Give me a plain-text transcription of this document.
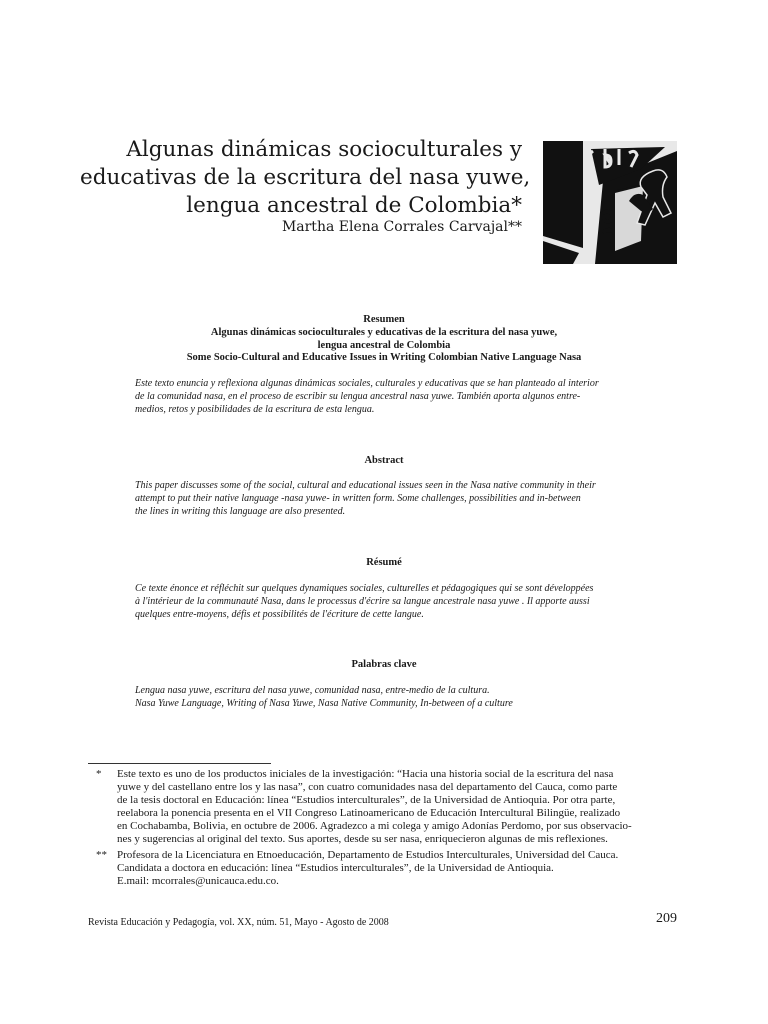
Algunas dinámicas socioculturales y
educativas de la escritura del nasa yuwe,
lengua ancestral de Colombia*
Martha Elena Corrales Carvajal**
Resumen
Algunas dinámicas socioculturales y educativas de la escritura del nasa yuwe,
lengua ancestral de Colombia
Some Socio-Cultural and Educative Issues in Writing Colombian Native Language Nasa
Este texto enuncia y reflexiona algunas dinámicas sociales, culturales y educativas que se han planteado al interior
de la comunidad nasa, en el proceso de escribir su lengua ancestral nasa yuwe. También aporta algunos entre-
medios, retos y posibilidades de la escritura de esta lengua.
Abstract
This paper discusses some of the social, cultural and educational issues seen in the Nasa native community in their
attempt to put their native language -nasa yuwe- in written form. Some challenges, possibilities and in-between
the lines in writing this language are also presented.
Résumé
Ce texte énonce et réfléchit sur quelques dynamiques sociales, culturelles et pédagogiques qui se sont développées
à l'intérieur de la communauté Nasa, dans le processus d'écrire sa langue ancestrale nasa yuwe . Il apporte aussi
quelques entre-moyens, défis et possibilités de l'écriture de cette langue.
Palabras clave
Lengua nasa yuwe, escritura del nasa yuwe, comunidad nasa, entre-medio de la cultura.
Nasa Yuwe Language, Writing of Nasa Yuwe, Nasa Native Community, In-between of a culture
* Este texto es uno de los productos iniciales de la investigación: “Hacia una historia social de la escritura del nasa
yuwe y del castellano entre los y las nasa”, con cuatro comunidades nasa del departamento del Cauca, como parte
de la tesis doctoral en Educación: línea “Estudios interculturales”, de la Universidad de Antioquia. Por otra parte,
reelabora la ponencia presenta en el VII Congreso Latinoamericano de Educación Intercultural Bilingüe, realizado
en Cochabamba, Bolivia, en octubre de 2006. Agradezco a mi colega y amigo Adonías Perdomo, por sus observacio-
nes y sugerencias al original del texto. Sus aportes, desde su ser nasa, enriquecieron algunas de mis reflexiones.
** Profesora de la Licenciatura en Etnoeducación, Departamento de Estudios Interculturales, Universidad del Cauca.
Candidata a doctora en educación: línea “Estudios interculturales”, de la Universidad de Antioquia.
E.mail: mcorrales@unicauca.edu.co.
Revista Educación y Pedagogía, vol. XX, núm. 51, Mayo - Agosto de 2008	209
